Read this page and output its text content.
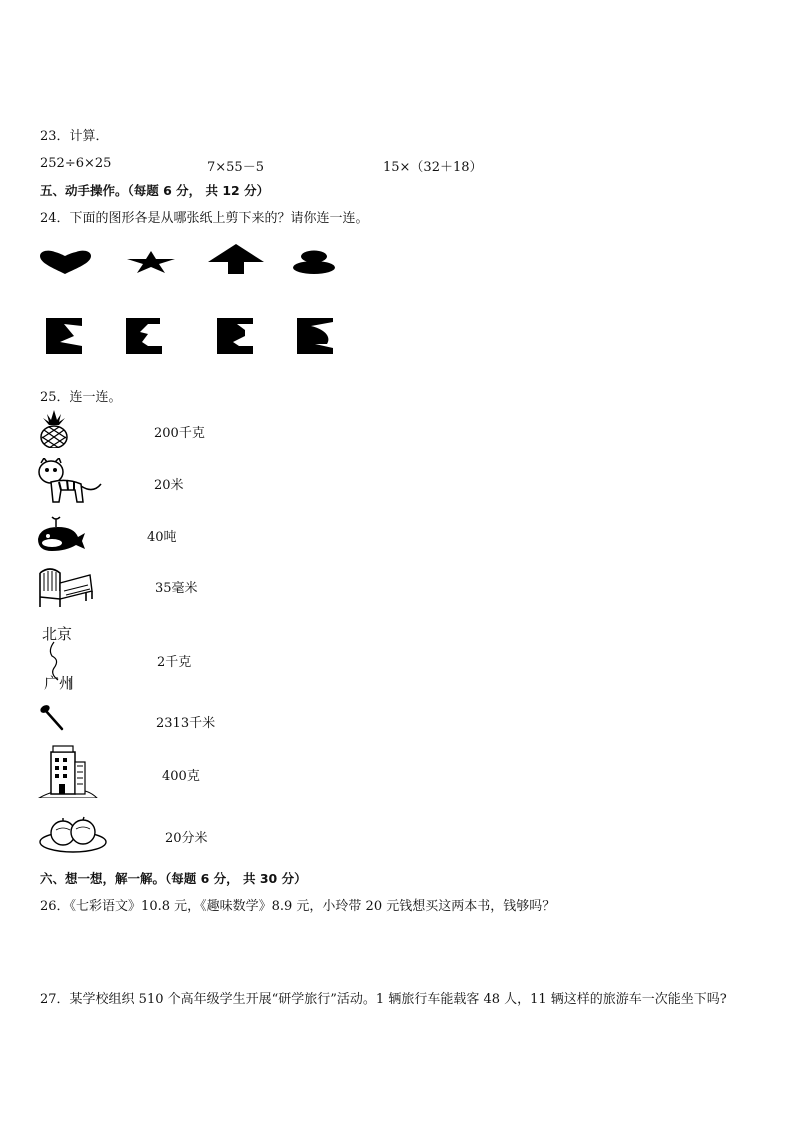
23．计算．
252÷6×25	7×55－5	15×（32＋18）
五、动手操作。（每题 6 分， 共 12 分）
24．下面的图形各是从哪张纸上剪下来的？请你连一连。
25．连一连。
200千克
20米
40吨
35毫米
北京
广州
2千克
2313千米
400克
20分米
六、想一想，解一解。（每题 6 分， 共 30 分）
26．《七彩语文》10.8 元，《趣味数学》8.9 元，小玲带 20 元钱想买这两本书，钱够吗？
27．某学校组织 510 个高年级学生开展“研学旅行”活动。1 辆旅行车能载客 48 人，11 辆这样的旅游车一次能坐下吗?
